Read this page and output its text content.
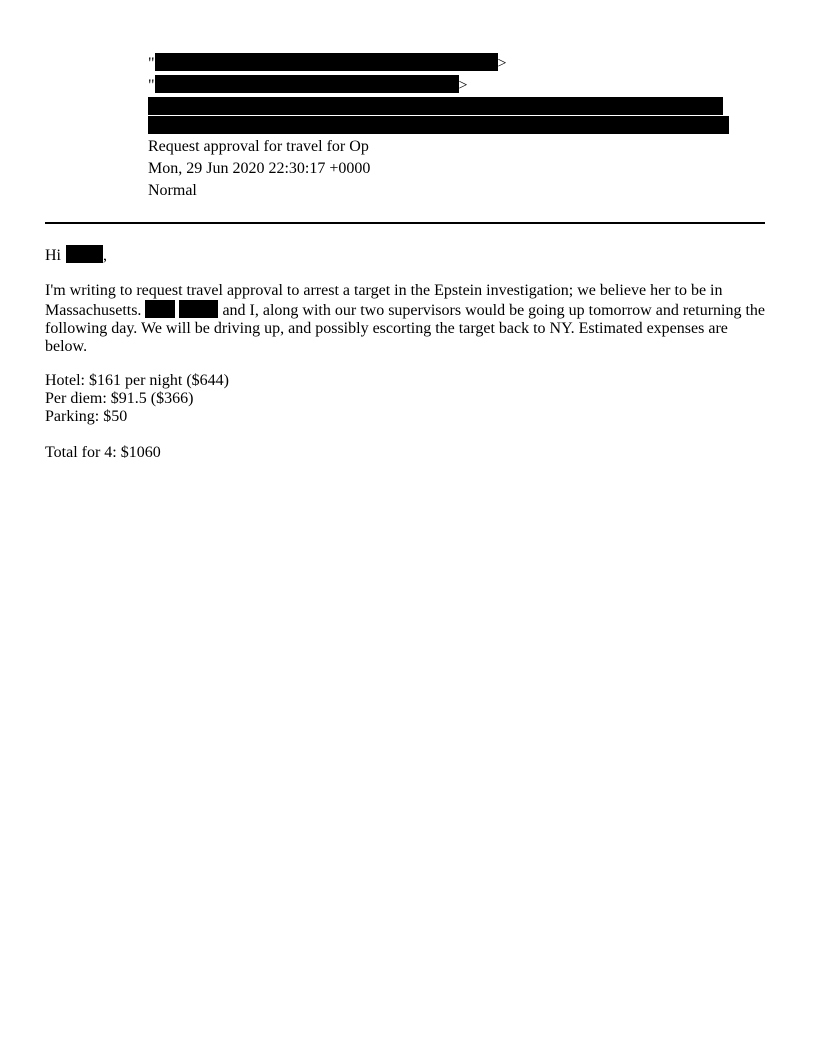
"	>
"	>
Request approval for travel for Op
Mon, 29 Jun 2020 22:30:17 +0000
Normal
Hi	,
I'm writing to request travel approval to arrest a target in the Epstein investigation; we believe her to be in
Massachusetts.	and I, along with our two supervisors would be going up tomorrow and returning the
following day. We will be driving up, and possibly escorting the target back to NY. Estimated expenses are
below.
Hotel: $161 per night ($644)
Per diem: $91.5 ($366)
Parking: $50
Total for 4: $1060
